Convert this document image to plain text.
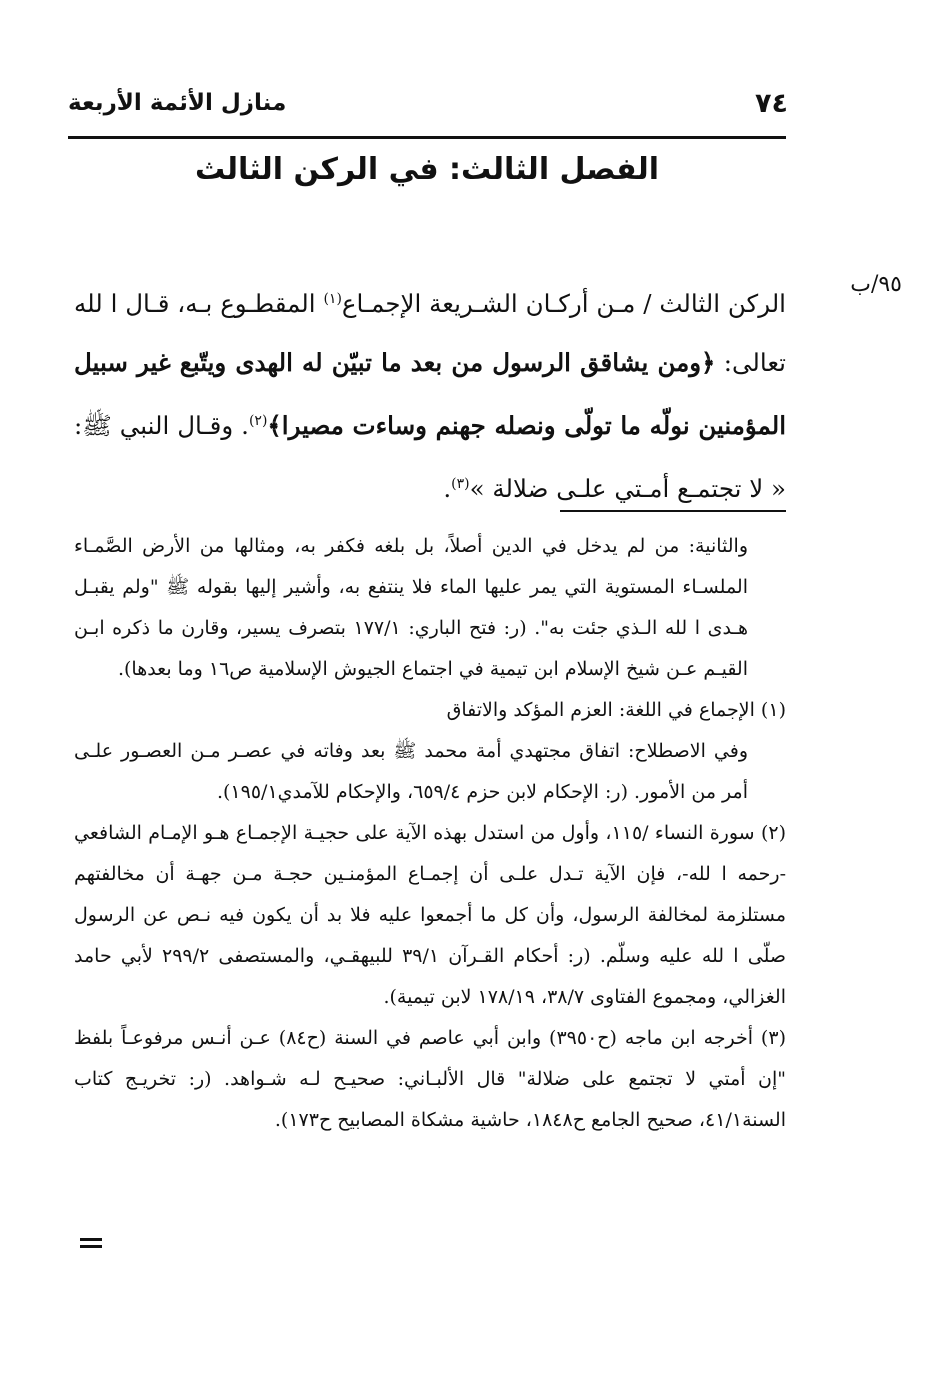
٧٤
منازل الأئمة الأربعة
الفصل الثالث: في الركن الثالث
٩٥/ب
الركن الثالث / مـن أركـان الشـريعة الإجمـاع$^{(١)}$ المقطـوع بـه، قـال ا لله تعالى: ﴿ومن يشاقق الرسول من بعد ما تبيّن له الهدى ويتّبع غير سبيل المؤمنين نولّه ما تولّى ونصله جهنم وساءت مصيرا﴾$^{(٢)}$. وقـال النبي ﷺ: « لا تجتمـع أمـتي علـى ضلالة »$^{(٣)}$.

والثانية: من لم يدخل في الدين أصلاً، بل بلغه فكفر به، ومثالها من الأرض الصَّمـاء الملسـاء المستوية التي يمر عليها الماء فلا ينتفع به، وأشير إليها بقوله ﷺ "ولم يقبـل هـدى ا لله الـذي جئت به". (ر: فتح الباري: ١٧٧/١ بتصرف يسير، وقارن ما ذكره ابـن القيـم عـن شيخ الإسلام ابن تيمية في اجتماع الجيوش الإسلامية ص١٦ وما بعدها).

(١) الإجماع في اللغة: العزم المؤكد والاتفاق

وفي الاصطلاح: اتفاق مجتهدي أمة محمد ﷺ بعد وفاته في عصـر مـن العصـور علـى أمر من الأمور. (ر: الإحكام لابن حزم ٦٥٩/٤، والإحكام للآمدي١٩٥/١).

(٢) سورة النساء /١١٥، وأول من استدل بهذه الآية على حجيـة الإجمـاع هـو الإمـام الشافعي -رحمه ا لله-، فإن الآية تـدل علـى أن إجمـاع المؤمنـين حجـة مـن جهـة أن مخالفتهم مستلزمة لمخالفة الرسول، وأن كل ما أجمعوا عليه فلا بد أن يكون فيه نـص عن الرسول صلّى ا لله عليه وسلّم. (ر: أحكام القـرآن ٣٩/١ للبيهقـي، والمستصفى ٢٩٩/٢ لأبي حامد الغزالي، ومجموع الفتاوى ٣٨/٧، ١٧٨/١٩ لابن تيمية).

(٣) أخرجه ابن ماجه (ح٣٩٥٠) وابن أبي عاصم في السنة (ح٨٤) عـن أنـس مرفوعـاً بلفظ "إن أمتي لا تجتمع على ضلالة" قال الألبـاني: صحيـح لـه شـواهد. (ر: تخريـج كتاب السنة٤١/١، صحيح الجامع ح١٨٤٨، حاشية مشكاة المصابيح ح١٧٣).
